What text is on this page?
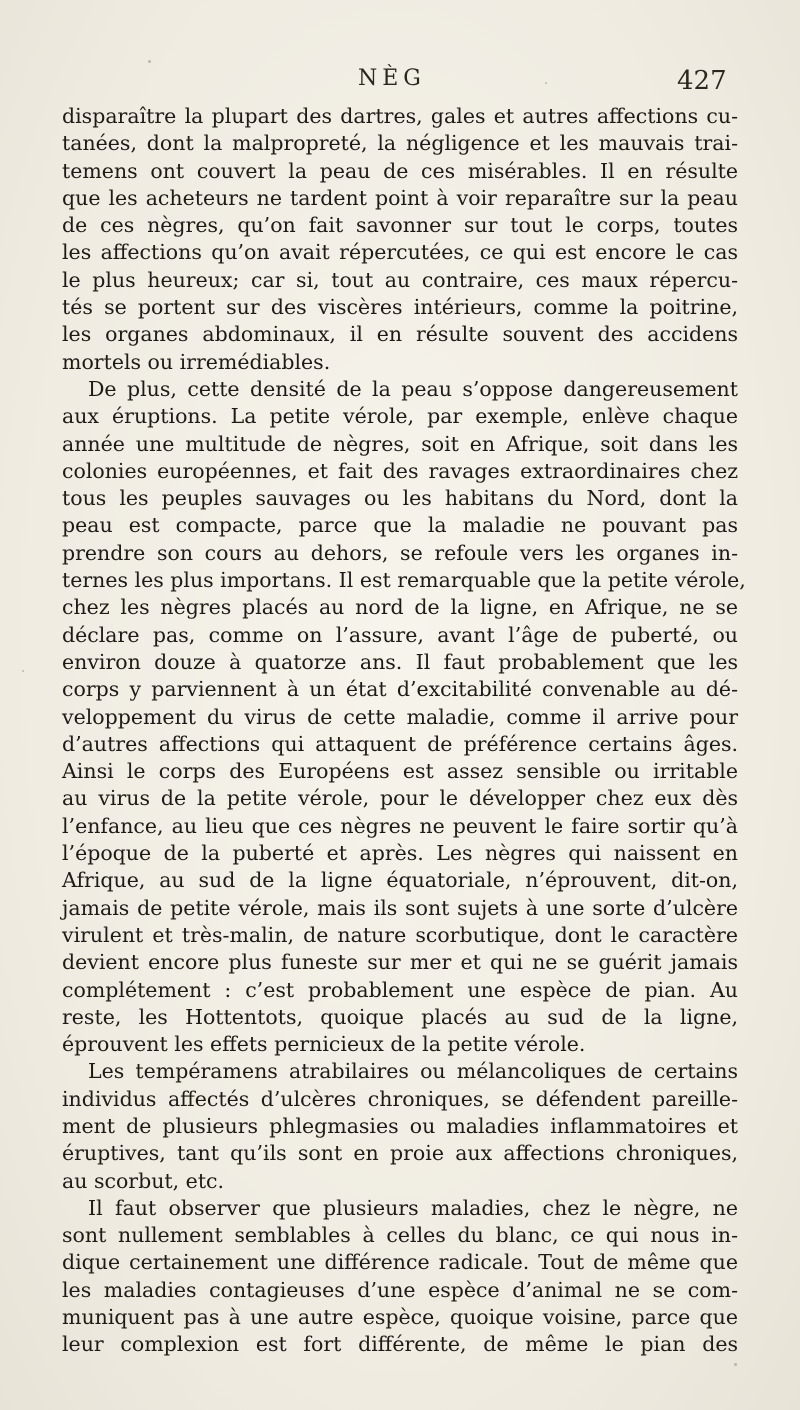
NÈG	427
disparaître la plupart des dartres, gales et autres affections cu-
tanées, dont la malpropreté, la négligence et les mauvais trai-
temens ont couvert la peau de ces misérables. Il en résulte
que les acheteurs ne tardent point à voir reparaître sur la peau
de ces nègres, qu’on fait savonner sur tout le corps, toutes
les affections qu’on avait répercutées, ce qui est encore le cas
le plus heureux; car si, tout au contraire, ces maux répercu-
tés se portent sur des viscères intérieurs, comme la poitrine,
les organes abdominaux, il en résulte souvent des accidens
mortels ou irremédiables.
De plus, cette densité de la peau s’oppose dangereusement
aux éruptions. La petite vérole, par exemple, enlève chaque
année une multitude de nègres, soit en Afrique, soit dans les
colonies européennes, et fait des ravages extraordinaires chez
tous les peuples sauvages ou les habitans du Nord, dont la
peau est compacte, parce que la maladie ne pouvant pas
prendre son cours au dehors, se refoule vers les organes in-
ternes les plus importans. Il est remarquable que la petite vérole,
chez les nègres placés au nord de la ligne, en Afrique, ne se
déclare pas, comme on l’assure, avant l’âge de puberté, ou
environ douze à quatorze ans. Il faut probablement que les
corps y parviennent à un état d’excitabilité convenable au dé-
veloppement du virus de cette maladie, comme il arrive pour
d’autres affections qui attaquent de préférence certains âges.
Ainsi le corps des Européens est assez sensible ou irritable
au virus de la petite vérole, pour le développer chez eux dès
l’enfance, au lieu que ces nègres ne peuvent le faire sortir qu’à
l’époque de la puberté et après. Les nègres qui naissent en
Afrique, au sud de la ligne équatoriale, n’éprouvent, dit-on,
jamais de petite vérole, mais ils sont sujets à une sorte d’ulcère
virulent et très-malin, de nature scorbutique, dont le caractère
devient encore plus funeste sur mer et qui ne se guérit jamais
complétement : c’est probablement une espèce de pian. Au
reste, les Hottentots, quoique placés au sud de la ligne,
éprouvent les effets pernicieux de la petite vérole.
Les tempéramens atrabilaires ou mélancoliques de certains
individus affectés d’ulcères chroniques, se défendent pareille-
ment de plusieurs phlegmasies ou maladies inflammatoires et
éruptives, tant qu’ils sont en proie aux affections chroniques,
au scorbut, etc.
Il faut observer que plusieurs maladies, chez le nègre, ne
sont nullement semblables à celles du blanc, ce qui nous in-
dique certainement une différence radicale. Tout de même que
les maladies contagieuses d’une espèce d’animal ne se com-
muniquent pas à une autre espèce, quoique voisine, parce que
leur complexion est fort différente, de même le pian des
